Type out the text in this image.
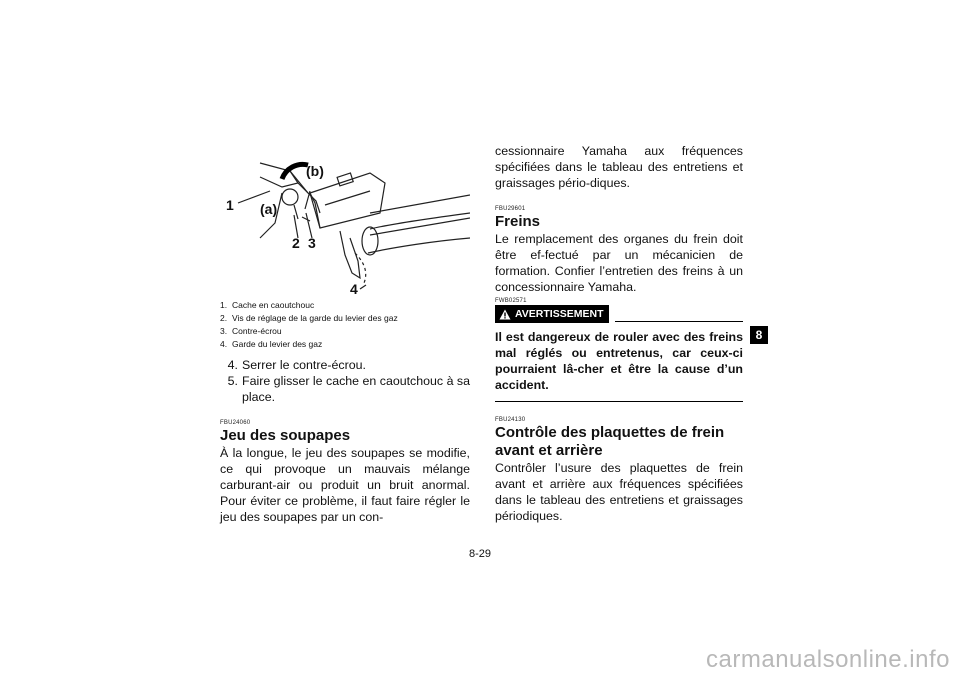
1 (a)
(b)
2 3
4
1. Cache en caoutchouc
2. Vis de réglage de la garde du levier des gaz
3. Contre-écrou
4. Garde du levier des gaz
4. Serrer le contre-écrou.
5. Faire glisser le cache en caoutchouc à sa place.
FBU24060
Jeu des soupapes

À la longue, le jeu des soupapes se modifie, ce qui provoque un mauvais mélange carburant-air ou produit un bruit anormal. Pour éviter ce problème, il faut faire régler le jeu des soupapes par un con-

cessionnaire Yamaha aux fréquences spécifiées dans le tableau des entretiens et graissages pério-diques.

FBU29601
Freins

Le remplacement des organes du frein doit être ef-fectué par un mécanicien de formation. Confier l’entretien des freins à un concessionnaire Yamaha.

FWB02571
AVERTISSEMENT

Il est dangereux de rouler avec des freins mal réglés ou entretenus, car ceux-ci pourraient lâ-cher et être la cause d’un accident.

FBU24130
Contrôle des plaquettes de frein avant et arrière

Contrôler l’usure des plaquettes de frein avant et arrière aux fréquences spécifiées dans le tableau des entretiens et graissages périodiques.

8-29
8
carmanualsonline.info
